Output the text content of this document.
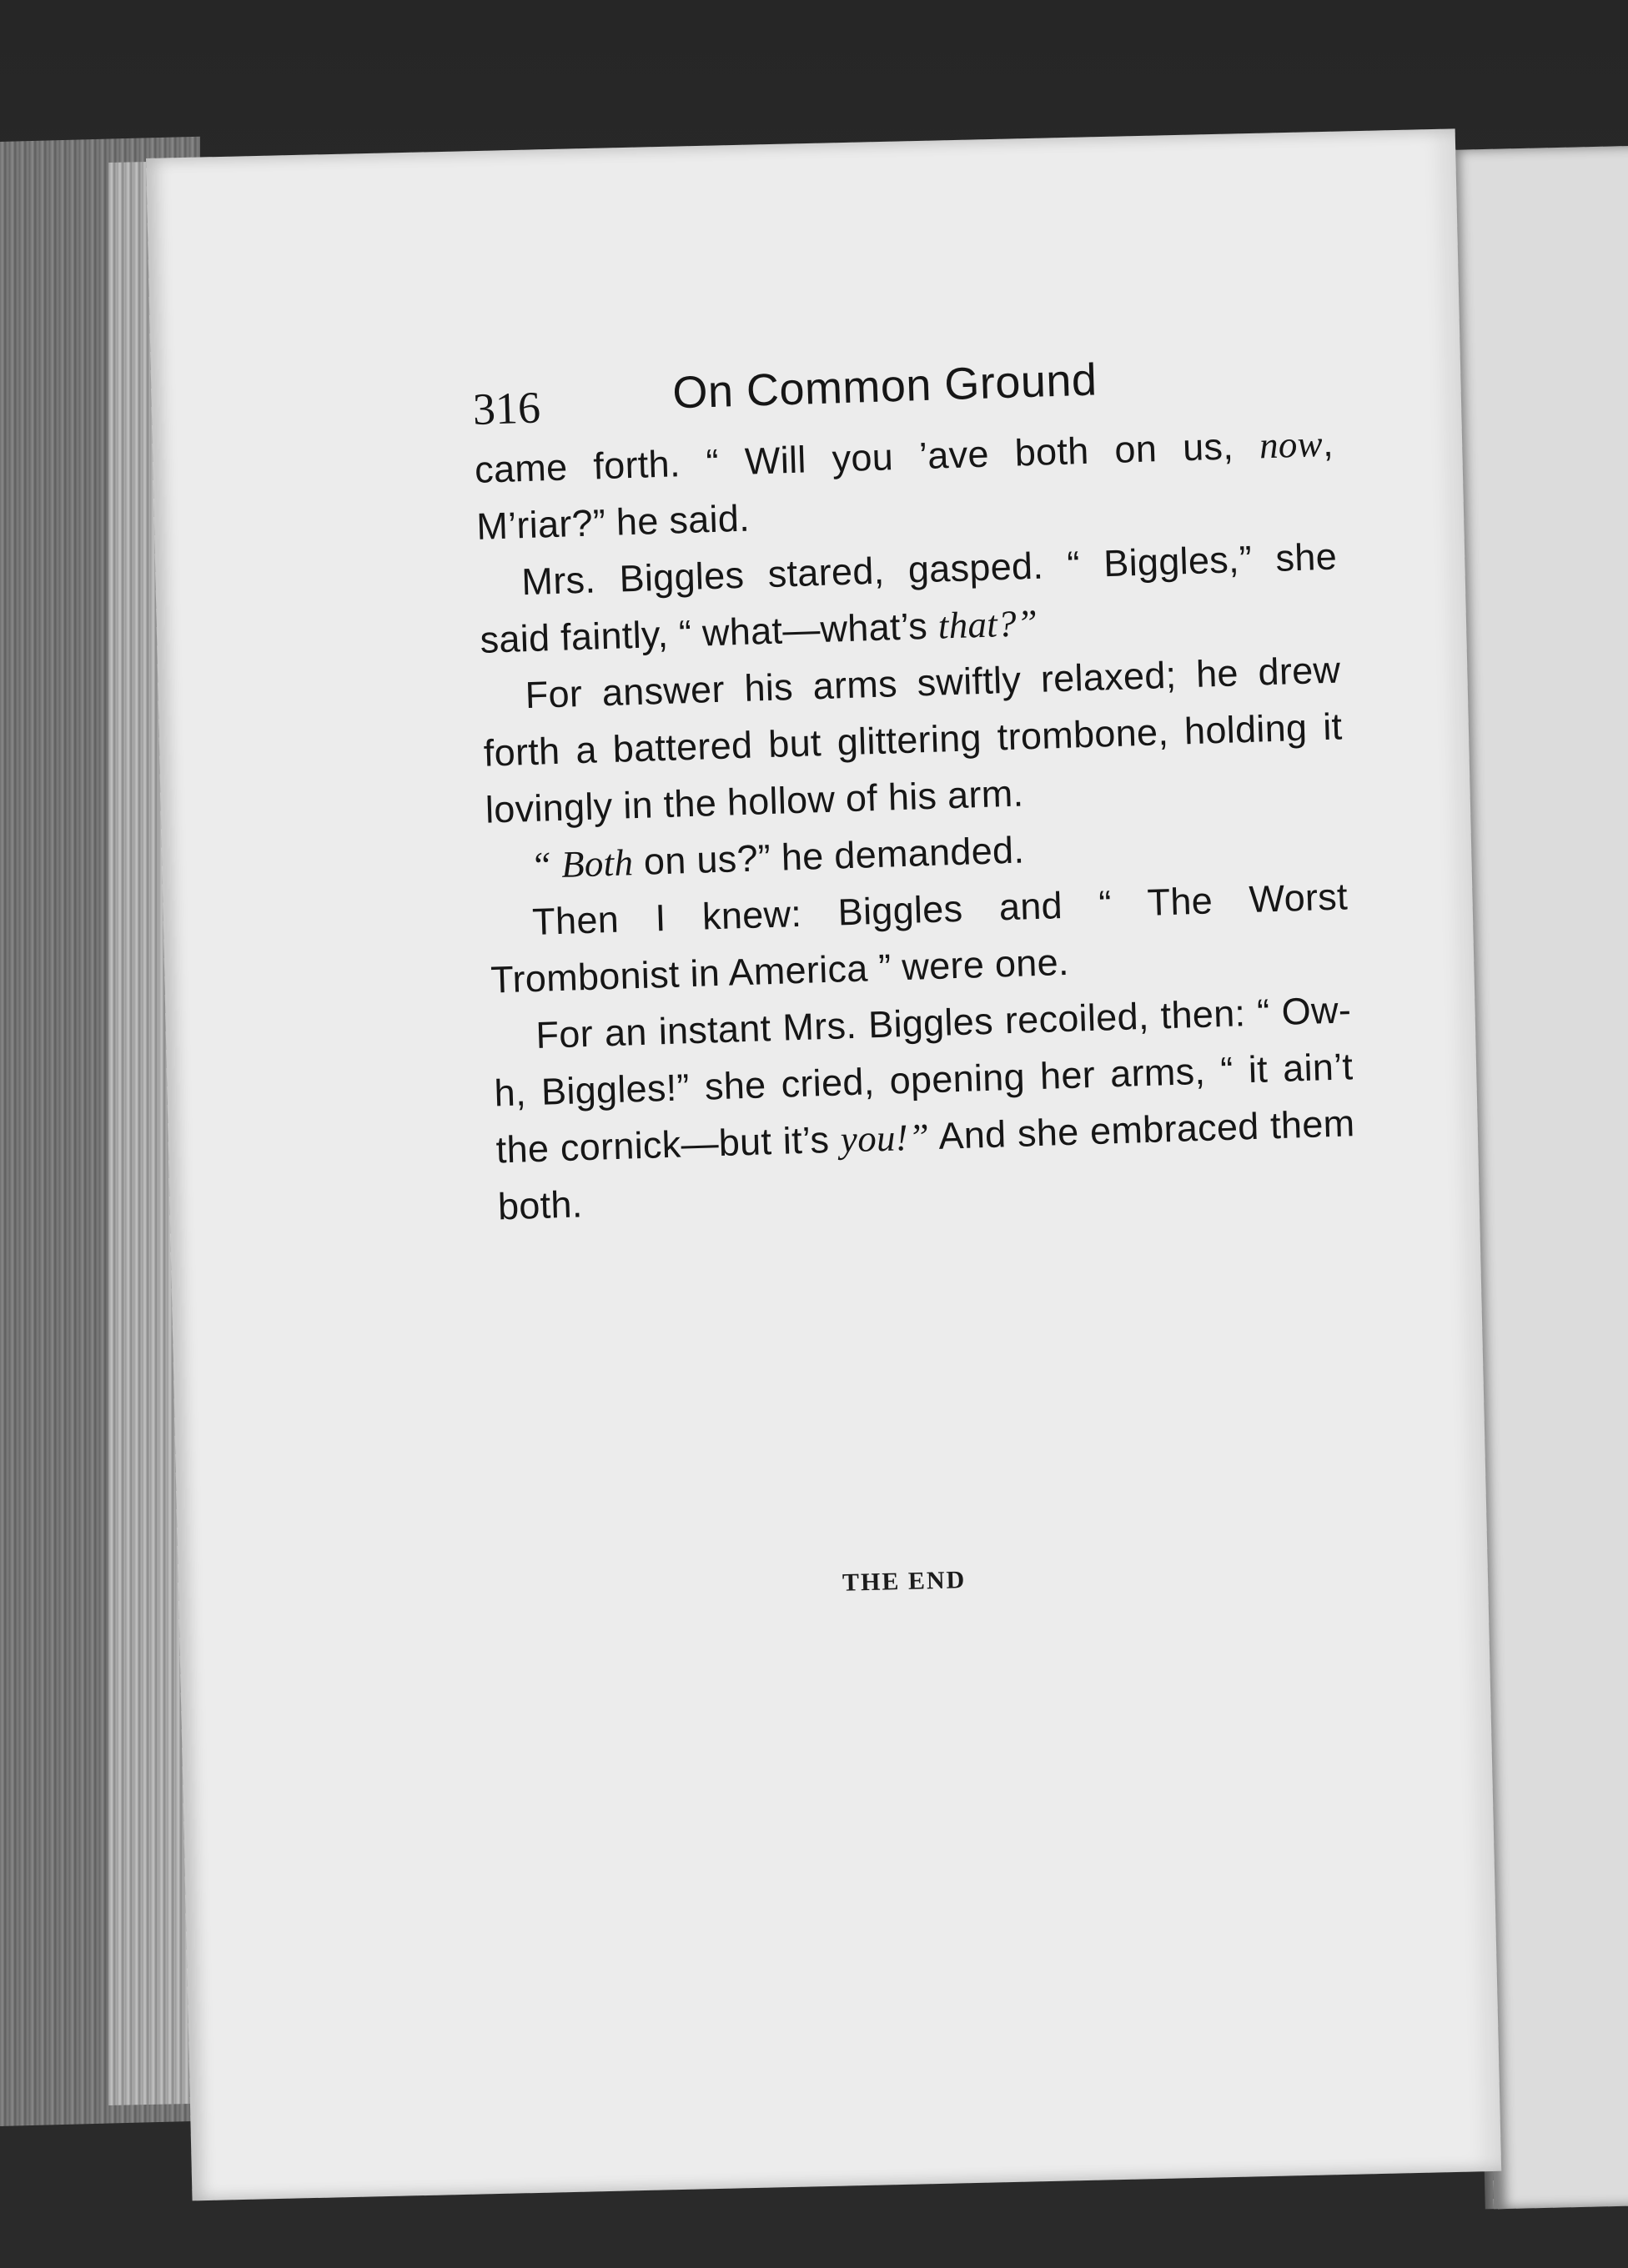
316	On Common Ground

came forth. “ Will you ’ave both on us, now, M’riar?” he said.

Mrs. Biggles stared, gasped. “ Biggles,” she said faintly, “ what—what’s that?”

For answer his arms swiftly relaxed; he drew forth a battered but glittering trombone, holding it lovingly in the hollow of his arm.

“ Both on us?” he demanded.

Then I knew: Biggles and “ The Worst Trombonist in America ” were one.

For an instant Mrs. Biggles recoiled, then: “ Ow-h, Biggles!” she cried, opening her arms, “ it ain’t the cornick—but it’s you!” And she embraced them both.

THE END
